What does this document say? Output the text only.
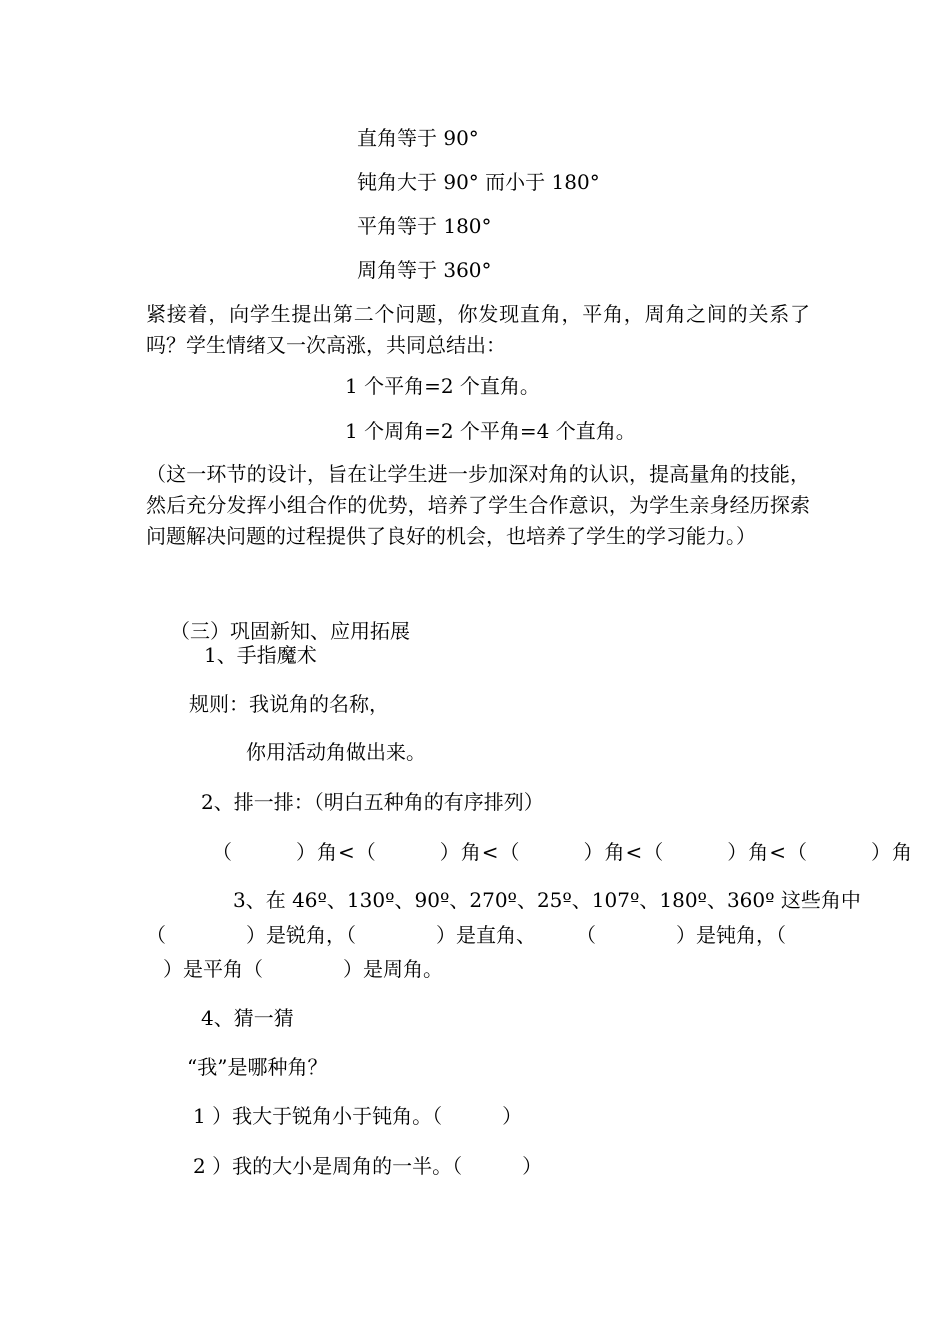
直角等于 90°
钝角大于 90° 而小于 180°
平角等于 180°
周角等于 360°
紧接着，向学生提出第二个问题，你发现直角，平角，周角之间的关系了吗？学生情绪又一次高涨，共同总结出：
1 个平角=2 个直角。
1 个周角=2 个平角=4 个直角。
（这一环节的设计，旨在让学生进一步加深对角的认识，提高量角的技能，然后充分发挥小组合作的优势，培养了学生合作意识，为学生亲身经历探索问题解决问题的过程提供了良好的机会，也培养了学生的学习能力。）
（三）巩固新知、应用拓展
1、手指魔术
规则：我说角的名称，
你用活动角做出来。
2、排一排：（明白五种角的有序排列）
（　　　）角<（　　　）角<（　　　）角<（　　　）角<（　　　）角
3、在 46º、130º、90º、270º、25º、107º、180º、360º 这些角中
（　　　　）是锐角，（　　　　）是直角、　　　（　　　　）是钝角，（
）是平角（　　　　）是周角。
4、猜一猜
“我”是哪种角？
1 ）我大于锐角小于钝角。（　　　）
2 ）我的大小是周角的一半。（　　　）
